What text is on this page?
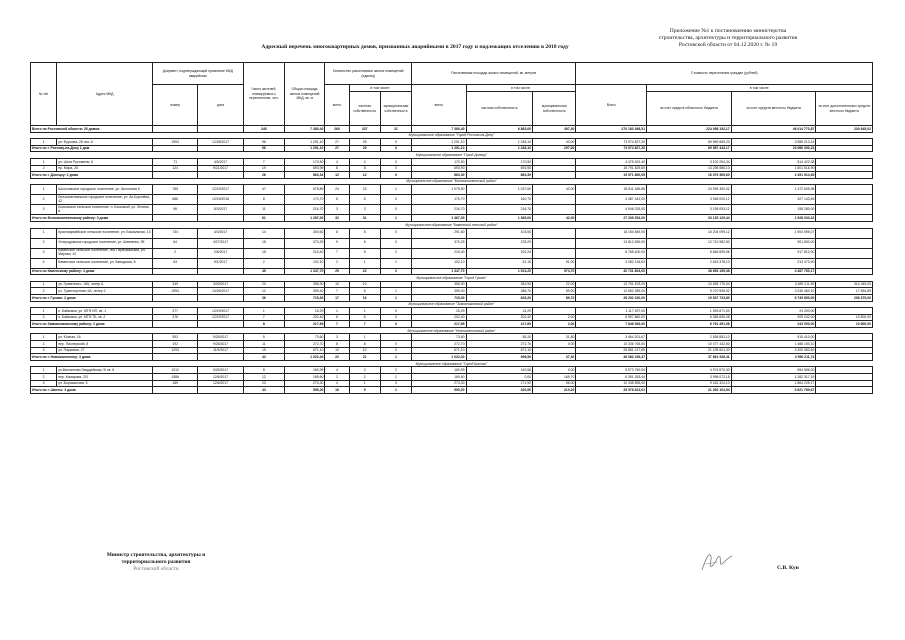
Приложение №1 к постановлению министерства
строительства, архитектуры и территориального развития
Ростовской области от 04.12.2020 г. № 19
Адресный перечень многоквартирных домов, признанных аварийными в 2017 году и подлежащих отселению в 2018 году
№ п/п	Адрес МКД	Документ, подтверждающий признание МКД аварийным		Число жителей, планируемых к переселению, чел.	Общая площадь жилых помещений МКД, кв. м	Количество расселяемых жилых помещений (единиц)			Расселяемая площадь жилых помещений, кв. метров			Стоимость переселения граждан (рублей)			
		номер	дата			всего	в том числе:		всего	в том числе:		Всего	в том числе:		
							частная собственность	муниципальная собственность		частная собственность	муниципальная собственность		за счет средств областного бюджета	за счет средств местного бюджета	за счет дополнительных средств местного бюджета
Всего по Ростовской области: 25 домов				345	7 380,40	260	237	21	7 380,40	6 883,00	497,40	270 183 368,51	224 058 152,17	46 014 773,87	230 645,02
Муниципальное образование "Город Ростов-на-Дону"															
1	ул. Фурсова, 26 лит. А	1953	12/28/2017	96	1 291,10	27	29	0	1 291,10	1 248,10	43,00	73 974 827,20	69 969 669,23	3 985 213,15	
Итого по г. Ростову-на-Дону 1 дом				96	1 291,10	27	29	0	1 291,10	1 248,10	297,00	73 974 827,20	69 987 443,17	23 986 390,23	
Муниципальное образование "Город Донецк"															
1	ул. Шота Руставели, 6	71	4/5/2017	7	170,50	4	4	0	170,50	170,50		4 475 402,40	3 102 294,34	514 422,38	
2	пр. Мира, 25	124	9/21/2017	19	693,99	8	8	0	693,90	693,90		15 791 829,60	13 298 586,10	1 601 516,90	
Итого по г. Донецку: 2 дома				26	863,34	12	12	0	863,30	863,30		19 571 800,05	16 079 365,60	2 491 914,65	
Муниципальное образование "Белокалитвинский район"															
1	Шолоховское городское поселение, ул. Шолохова 6	785	12/19/2017	47	678,89	24	23	1	1 079,50	1 037,60	42,00	26 511 456,86	24 094 300,02	1 472 605,98	
2	Белокалитвинское городское поселение, ул. Ак.Королёва, 42	686	12/15/2016	8	170,70	5	5	0	170,70	160,70		3 487 442,00	3 048 020,12	327 143,46	
3	Коксовское сельское поселение, п. Коксовый, ул. Ленина, 8	96	8/3/2017	11	216,70	3	3	0	216,70	216,70		4 946 033,00	3 195 053,12	158 280,00	
Итого по Белокалитвинскому району: 3 дома				61	1 287,00	32	31	1	1 467,00	1 365,00	42,00	27 209 254,00	33 135 129,44	1 928 033,32	
Муниципальное образование "Каменский сельский район"															
1	Красноармейское сельское поселение, ул. Вокзальная, 13	734	4/3/2017	14	300,60	8	8	0	291,60	103,50		18 154 849,00	16 204 099,12	1 904 595,07	
2	Углеродовское городское поселение, ул. Шевченко, 95	64	4/27/2017	15	370,29	9	8	0	370,29	378,29		13 812 690,00	12 710 982,50	901 800,00	
3	Каменское сельское поселение, пос.Первомайский, ул. Мирная, 10	2	2/5/2017	15	215,40	7	5	2	215,40	192,24		6 765 400,00	5 846 695,96	917 812,00	
4	Каменское сельское поселение, ул. Заводская, 8	63	9/1/2017	2	102,10	2	1	1	102,10	51,10	51,00	3 082 134,00	2 615 378,10	213 473,90	
Итого по Каменскому району: 4 дома				45	1 347,70	25	22	3	1 347,70	1 024,20	973,70	40 731 804,00	38 653 159,38	3 487 760,17	
Муниципальное образование "Город Гуково"															
1	ул. Гривенного, 165, литер А	349	3/29/2017	20	356,90	10	10		356,90	352,90	22,00	13 751 878,00	10 555 775,04	3 489 211,59	314 345,00
2	ул. Транспортная, 6А, литер 2	1994	10/25/2017	12	359,40	7	6	1	359,40	286,70	59,00	12 552 289,00	9 270 996,92	3 230 463,10	17 654,89
Итого по г. Гуково: 2 дома				36	715,30	17	16	1	715,30	626,20	89,70	26 292 220,00	19 537 723,80	6 735 850,00	206 375,00
Муниципальное образование "Зимовниковский район"															
1	п. Байковка, ул. МТФ ИП, кв. 1	377	12/19/2017	1	15,29	1	1	0	15,29	14,29		1 117 497,00	1 093 871,00	24 200,00	
2	п. Байковка, ул. МТФ 7Б, кв. 2	376	12/19/2017	7	202,40	6	6	0	202,40	202,40	2,00	6 597 860,00	6 384 696,08	209 242,00	10 800,00
Итого по Зимовниковскому району: 2 дома				8	217,69	7	7	0	217,69	217,69	2,00	7 846 083,00	6 761 491,08	243 000,00	10 800,00
Муниципальное образование "Новошахтинский район"															
1	ул. Южная, 16	592	9/25/2017	5	73,60	3	1		73,60	55,20	31,80	3 464 201,67	2 836 883,10	515 410,00	
2	пер. Пионерский, 8	192	9/25/2017	11	272,70	8	8	0	272,70	272,70	0,00	10 336 765,00	10 077 432,50	1 488 150,10	
3	ул. Парковая, 27	1293	11/9/2017	19	671,10	10	10	0	671,10	671,10		25 881 217,65	21 195 621,30	3 300 353,60	
Итого по г. Новошахтинску: 3 дома				42	1 022,40	22	21	1	1 022,40	998,50	37,30	46 082 239,37	37 661 926,41	3 950 211,74	
Муниципальное образование "Город Шахты"															
1	ул.Вахтангово-Гвардейская, 9/ кв. 6	1012	5/25/2017	8	160,99	4	2	2	160,99	149,56	0,00	5 573 750,00	4 974 870,30	694 556,00	
2	пер. Комарова, 2/3	1586	12/6/2017	12	169,60	2	2	1	169,60	0,00	169,70	6 391 253,44	3 998 072,18	1 282 317,19	
3	ул. Ворошилова, 5	189	12/6/2017	23	274,30	4	1	3	274,30	171,90	56,00	10 345 895,00	9 181 324,10	1 864 225,17	
Итого по г. Шахты: 3 дома				43	595,20	16	5	1	595,20	320,90	210,20	25 976 813,01	21 262 104,94	3 621 789,67	
Министр строительства, архитектуры и
территориального развития
Ростовской области	С.В. Кун
